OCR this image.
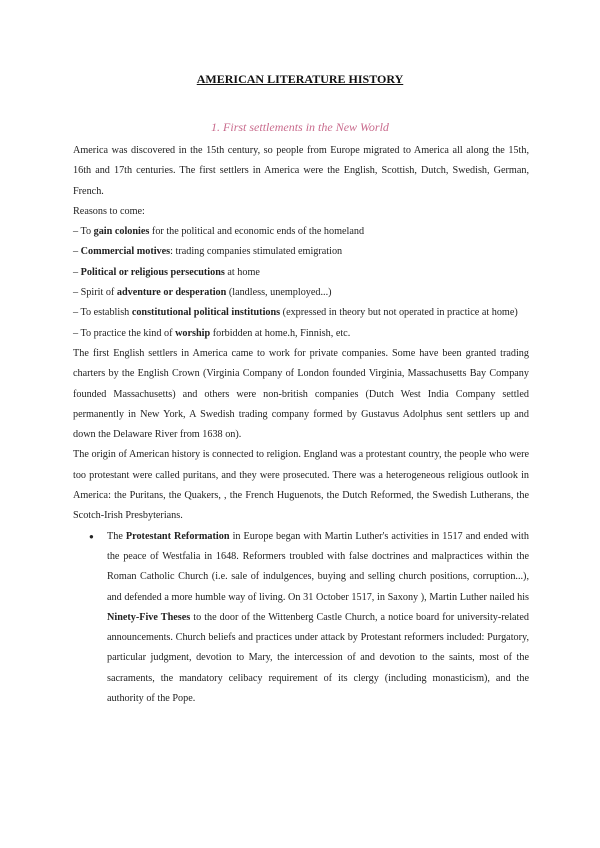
AMERICAN LITERATURE HISTORY
1. First settlements in the New World

America was discovered in the 15th century, so people from Europe migrated to America all along the 15th, 16th and 17th centuries. The first settlers in America were the English, Scottish, Dutch, Swedish, German, French.

Reasons to come:

– To gain colonies for the political and economic ends of the homeland

– Commercial motives: trading companies stimulated emigration

– Political or religious persecutions at home

– Spirit of adventure or desperation (landless, unemployed...)

– To establish constitutional political institutions (expressed in theory but not operated in practice at home)

– To practice the kind of worship forbidden at home.h, Finnish, etc.

The first English settlers in America came to work for private companies. Some have been granted trading charters by the English Crown (Virginia Company of London founded Virginia, Massachusetts Bay Company founded Massachusetts) and others were non-british companies (Dutch West India Company settled permanently in New York, A Swedish trading company formed by Gustavus Adolphus sent settlers up and down the Delaware River from 1638 on).

The origin of American history is connected to religion. England was a protestant country, the people who were too protestant were called puritans, and they were prosecuted. There was a heterogeneous religious outlook in America: the Puritans, the Quakers, , the French Huguenots, the Dutch Reformed, the Swedish Lutherans, the Scotch-Irish Presbyterians.

● The Protestant Reformation in Europe began with Martin Luther's activities in 1517 and ended with the peace of Westfalia in 1648. Reformers troubled with false doctrines and malpractices within the Roman Catholic Church (i.e. sale of indulgences, buying and selling church positions, corruption...), and defended a more humble way of living. On 31 October 1517, in Saxony ), Martin Luther nailed his Ninety-Five Theses to the door of the Wittenberg Castle Church, a notice board for university-related announcements. Church beliefs and practices under attack by Protestant reformers included: Purgatory, particular judgment, devotion to Mary, the intercession of and devotion to the saints, most of the sacraments, the mandatory celibacy requirement of its clergy (including monasticism), and the authority of the Pope.
